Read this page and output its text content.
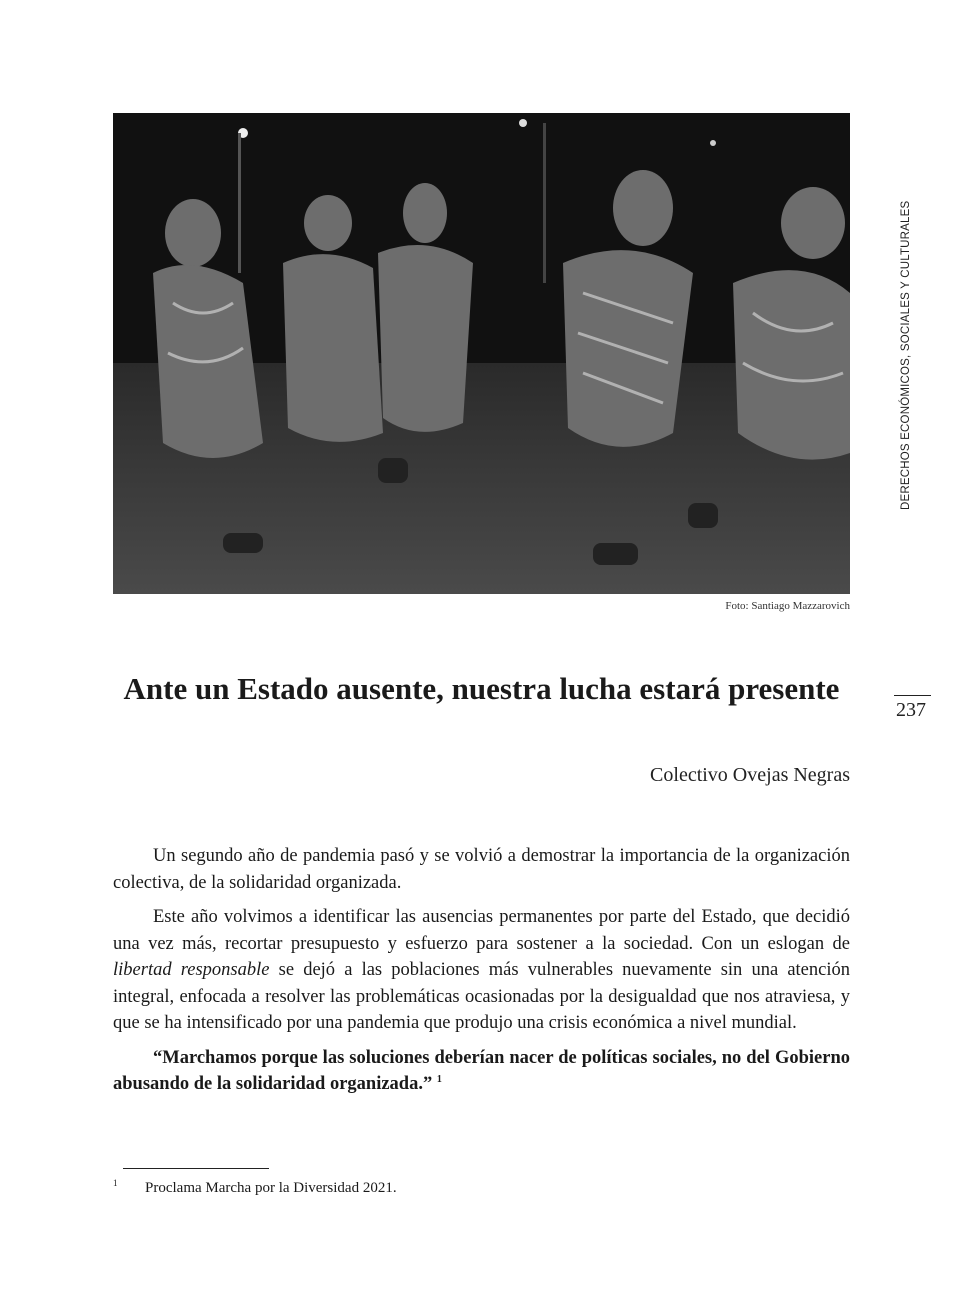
Foto: Santiago Mazzarovich
DERECHOS ECONÓMICOS, SOCIALES Y CULTURALES
237
Ante un Estado ausente, nuestra lucha estará presente
Colectivo Ovejas Negras

Un segundo año de pandemia pasó y se volvió a demostrar la importancia de la organización colectiva, de la solidaridad organizada.

Este año volvimos a identificar las ausencias permanentes por parte del Estado, que decidió una vez más, recortar presupuesto y esfuerzo para sostener a la sociedad. Con un eslogan de libertad responsable se dejó a las poblaciones más vulnerables nuevamente sin una atención integral, enfocada a resolver las problemáticas ocasionadas por la desigualdad que nos atraviesa, y que se ha intensificado por una pandemia que produjo una crisis económica a nivel mundial.

“Marchamos porque las soluciones deberían nacer de políticas sociales, no del Gobierno abusando de la solidaridad organizada.” $^1$

1 Proclama Marcha por la Diversidad 2021.
